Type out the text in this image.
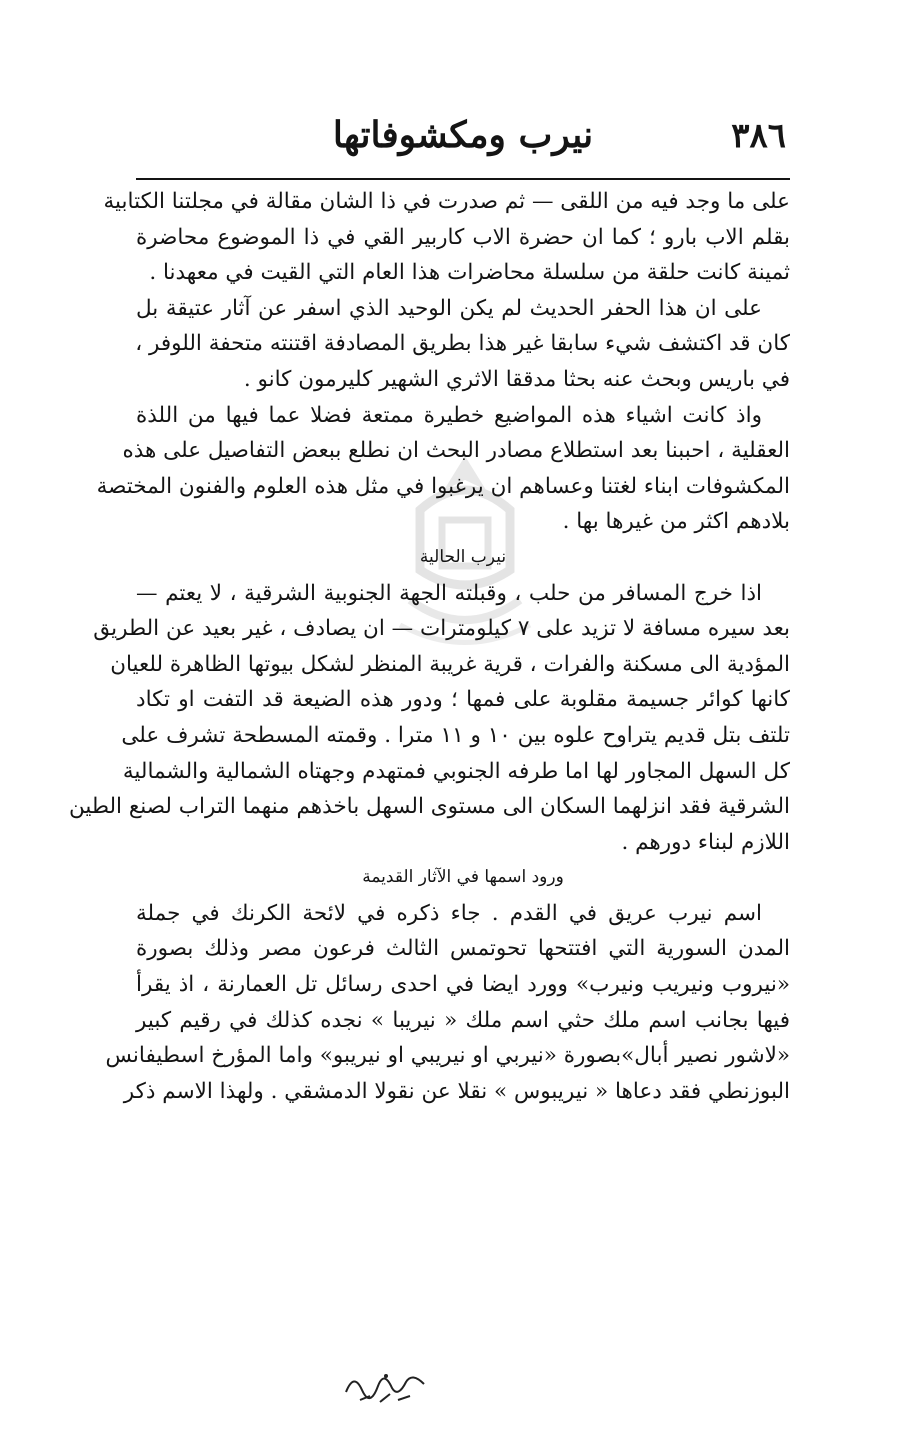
٣٨٦
نيرب ومكشوفاتها
على ما وجد فيه من اللقى — ثم صدرت في ذا الشان مقالة في مجلتنا الكتابية
بقلم الاب بارو ؛ كما ان حضرة الاب كاربير القي في ذا الموضوع محاضرة
ثمينة كانت حلقة من سلسلة محاضرات هذا العام التي القيت في معهدنا .
على ان هذا الحفر الحديث لم يكن الوحيد الذي اسفر عن آثار عتيقة بل
كان قد اكتشف شيء سابقا غير هذا بطريق المصادفة اقتنته متحفة اللوفر ،
في باريس وبحث عنه بحثا مدققا الاثري الشهير كليرمون كانو .
واذ كانت اشياء هذه المواضيع خطيرة ممتعة فضلا عما فيها من اللذة
العقلية ، احببنا بعد استطلاع مصادر البحث ان نطلع ببعض التفاصيل على هذه
المكشوفات ابناء لغتنا وعساهم ان يرغبوا في مثل هذه العلوم والفنون المختصة
بلادهم اكثر من غيرها بها .
نيرب الحالية
اذا خرج المسافر من حلب ، وقبلته الجهة الجنوبية الشرقية ، لا يعتم —
بعد سيره مسافة لا تزيد على ٧ كيلومترات — ان يصادف ، غير بعيد عن الطريق
المؤدية الى مسكنة والفرات ، قرية غريبة المنظر لشكل بيوتها الظاهرة للعيان
كانها كوائر جسيمة مقلوبة على فمها ؛ ودور هذه الضيعة قد التفت او تكاد
تلتف بتل قديم يتراوح علوه بين ١٠ و ١١ مترا . وقمته المسطحة تشرف على
كل السهل المجاور لها اما طرفه الجنوبي فمتهدم وجهتاه الشمالية والشمالية
الشرقية فقد انزلهما السكان الى مستوى السهل باخذهم منهما التراب لصنع الطين
اللازم لبناء دورهم .
ورود اسمها في الآثار القديمة
اسم نيرب عريق في القدم . جاء ذكره في لائحة الكرنك في جملة
المدن السورية التي افتتحها تحوتمس الثالث فرعون مصر وذلك بصورة
«نيروب ونيريب ونيرب» وورد ايضا في احدى رسائل تل العمارنة ، اذ يقرأ
فيها بجانب اسم ملك حثي اسم ملك « نيريبا » نجده كذلك في رقيم كبير
«لاشور نصير أبال»بصورة «نيربي او نيريبي او نيريبو» واما المؤرخ اسطيفانس
البوزنطي فقد دعاها « نيريبوس » نقلا عن نقولا الدمشقي . ولهذا الاسم ذكر
